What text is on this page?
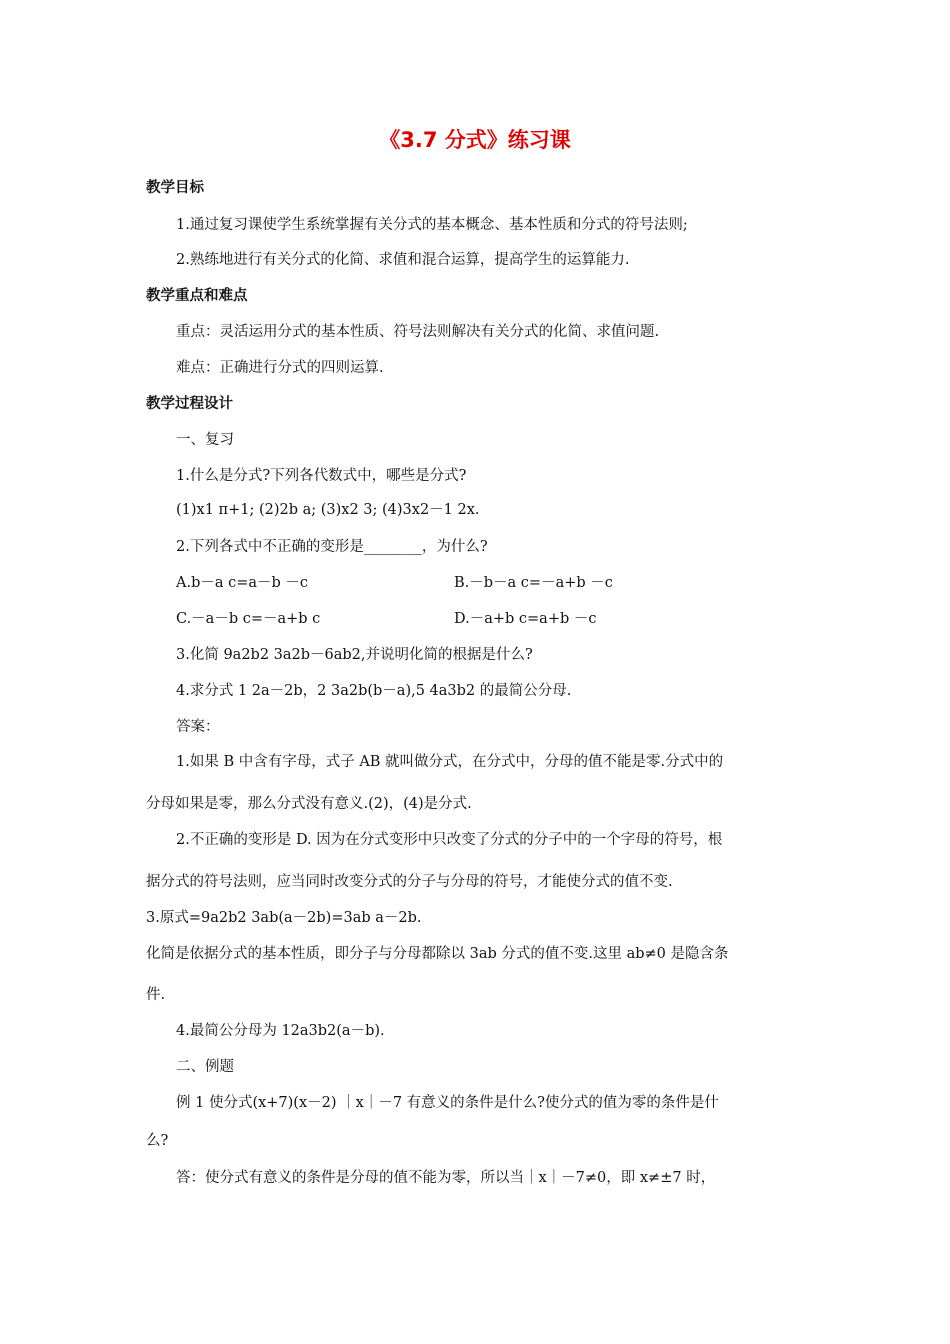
《3.7 分式》练习课
教学目标
1.通过复习课使学生系统掌握有关分式的基本概念、基本性质和分式的符号法则;
2.熟练地进行有关分式的化简、求值和混合运算，提高学生的运算能力.
教学重点和难点
重点：灵活运用分式的基本性质、符号法则解决有关分式的化简、求值问题.
难点：正确进行分式的四则运算.
教学过程设计
一、复习
1.什么是分式?下列各代数式中，哪些是分式?
(1)x1 π+1; (2)2b a; (3)x2 3; (4)3x2－1 2x.
2.下列各式中不正确的变形是________，为什么?
A.b－a c=a－b －c	B.－b－a c=－a+b －c
C.－a－b c=－a+b c	D.－a+b c=a+b －c
3.化简 9a2b2 3a2b－6ab2,并说明化简的根据是什么?
4.求分式 1 2a－2b，2 3a2b(b－a),5 4a3b2 的最简公分母.
答案：
1.如果 B 中含有字母，式子 AB 就叫做分式，在分式中，分母的值不能是零.分式中的
分母如果是零，那么分式没有意义.(2)，(4)是分式.
2.不正确的变形是 D. 因为在分式变形中只改变了分式的分子中的一个字母的符号，根
据分式的符号法则，应当同时改变分式的分子与分母的符号，才能使分式的值不变.
3.原式=9a2b2 3ab(a－2b)=3ab a－2b.
化简是依据分式的基本性质，即分子与分母都除以 3ab 分式的值不变.这里 ab≠0 是隐含条
件.
4.最简公分母为 12a3b2(a－b).
二、例题
例 1 使分式(x+7)(x－2) ｜x｜－7 有意义的条件是什么?使分式的值为零的条件是什
么?
答：使分式有意义的条件是分母的值不能为零，所以当｜x｜－7≠0，即 x≠±7 时，
